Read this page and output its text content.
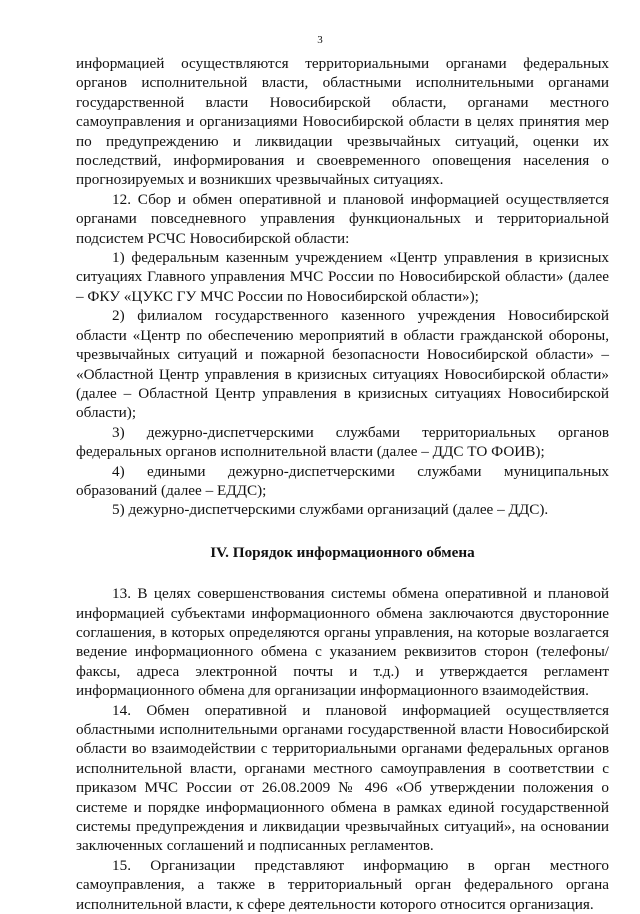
3

информацией осуществляются территориальными органами федеральных органов исполнительной власти, областными исполнительными органами государственной власти Новосибирской области, органами местного самоуправления и организациями Новосибирской области в целях принятия мер по предупреждению и ликвидации чрезвычайных ситуаций, оценки их последствий, информирования и своевременного оповещения населения о прогнозируемых и возникших чрезвычайных ситуациях.

12. Сбор и обмен оперативной и плановой информацией осуществляется органами повседневного управления функциональных и территориальной подсистем РСЧС Новосибирской области:

1) федеральным казенным учреждением «Центр управления в кризисных ситуациях Главного управления МЧС России по Новосибирской области» (далее – ФКУ «ЦУКС ГУ МЧС России по Новосибирской области»);

2) филиалом государственного казенного учреждения Новосибирской области «Центр по обеспечению мероприятий в области гражданской обороны, чрезвычайных ситуаций и пожарной безопасности Новосибирской области» – «Областной Центр управления в кризисных ситуациях Новосибирской области» (далее – Областной Центр управления в кризисных ситуациях Новосибирской области);

3) дежурно-диспетчерскими службами территориальных органов федеральных органов исполнительной власти (далее – ДДС ТО ФОИВ);

4) едиными дежурно-диспетчерскими службами муниципальных образований (далее – ЕДДС);

5) дежурно-диспетчерскими службами организаций (далее – ДДС).

IV. Порядок информационного обмена

13. В целях совершенствования системы обмена оперативной и плановой информацией субъектами информационного обмена заключаются двусторонние соглашения, в которых определяются органы управления, на которые возлагается ведение информационного обмена с указанием реквизитов сторон (телефоны/факсы, адреса электронной почты и т.д.) и утверждается регламент информационного обмена для организации информационного взаимодействия.

14. Обмен оперативной и плановой информацией осуществляется областными исполнительными органами государственной власти Новосибирской области во взаимодействии с территориальными органами федеральных органов исполнительной власти, органами местного самоуправления в соответствии с приказом МЧС России от 26.08.2009 № 496 «Об утверждении положения о системе и порядке информационного обмена в рамках единой государственной системы предупреждения и ликвидации чрезвычайных ситуаций», на основании заключенных соглашений и подписанных регламентов.

15. Организации представляют информацию в орган местного самоуправления, а также в территориальный орган федерального органа исполнительной власти, к сфере деятельности которого относится организация.
